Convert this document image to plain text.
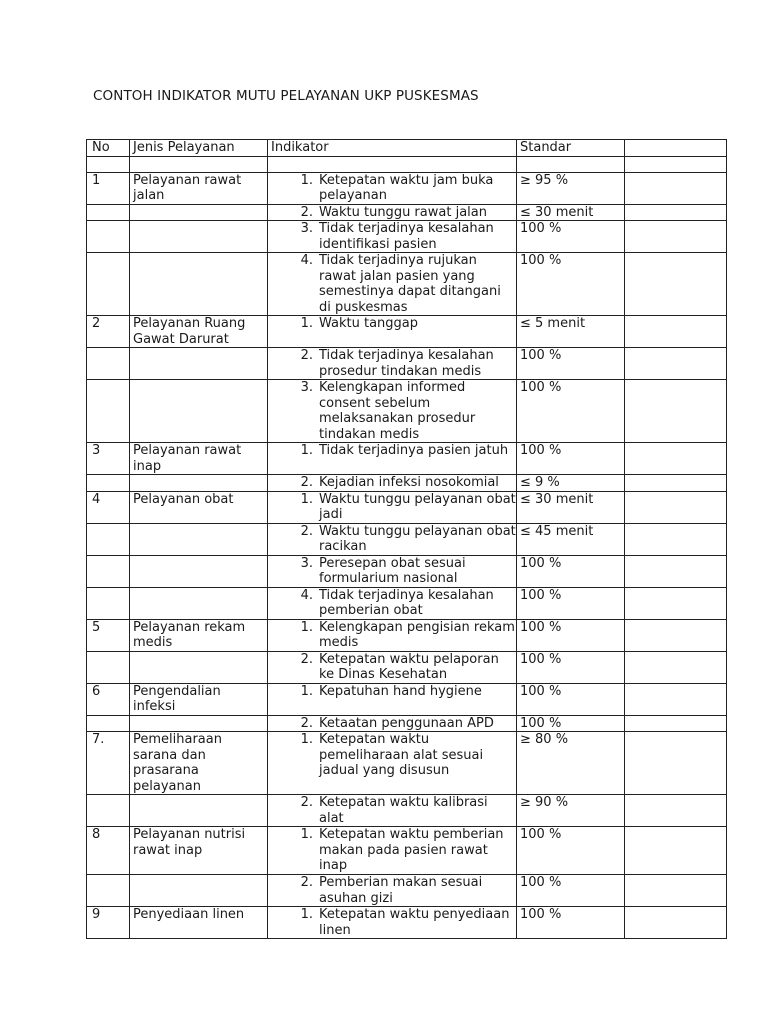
CONTOH INDIKATOR MUTU PELAYANAN UKP PUSKESMAS
No	Jenis Pelayanan	Indikator	Standar	

1	Pelayanan rawat jalan	1. Ketepatan waktu jam buka pelayanan	≥ 95 %	

		2. Waktu tunggu rawat jalan	≤ 30 menit	

		3. Tidak terjadinya kesalahan identifikasi pasien	100 %	

		4. Tidak terjadinya rujukan rawat jalan pasien yang semestinya dapat ditangani di puskesmas	100 %	
2	Pelayanan Ruang Gawat Darurat	1. Waktu tanggap	≤ 5 menit	

		2. Tidak terjadinya kesalahan prosedur tindakan medis	100 %	

		3. Kelengkapan informed consent sebelum melaksanakan prosedur tindakan medis	100 %	
3	Pelayanan rawat inap	1. Tidak terjadinya pasien jatuh	100 %	

		2. Kejadian infeksi nosokomial	≤ 9 %	
4	Pelayanan obat	1. Waktu tunggu pelayanan obat jadi	≤ 30 menit	

		2. Waktu tunggu pelayanan obat racikan	≤ 45 menit	

		3. Peresepan obat sesuai formularium nasional	100 %	

		4. Tidak terjadinya kesalahan pemberian obat	100 %	
5	Pelayanan rekam medis	1. Kelengkapan pengisian rekam medis	100 %	

		2. Ketepatan waktu pelaporan ke Dinas Kesehatan	100 %	
6	Pengendalian infeksi	1. Kepatuhan hand hygiene	100 %	

		2. Ketaatan penggunaan APD	100 %	
7.	Pemeliharaan sarana dan prasarana pelayanan	1. Ketepatan waktu pemeliharaan alat sesuai jadual yang disusun	≥ 80 %	

		2. Ketepatan waktu kalibrasi alat	≥ 90 %	
8	Pelayanan nutrisi rawat inap	1. Ketepatan waktu pemberian makan pada pasien rawat inap	100 %	

		2. Pemberian makan sesuai asuhan gizi	100 %	
9	Penyediaan linen	1. Ketepatan waktu penyediaan linen	100 %	
